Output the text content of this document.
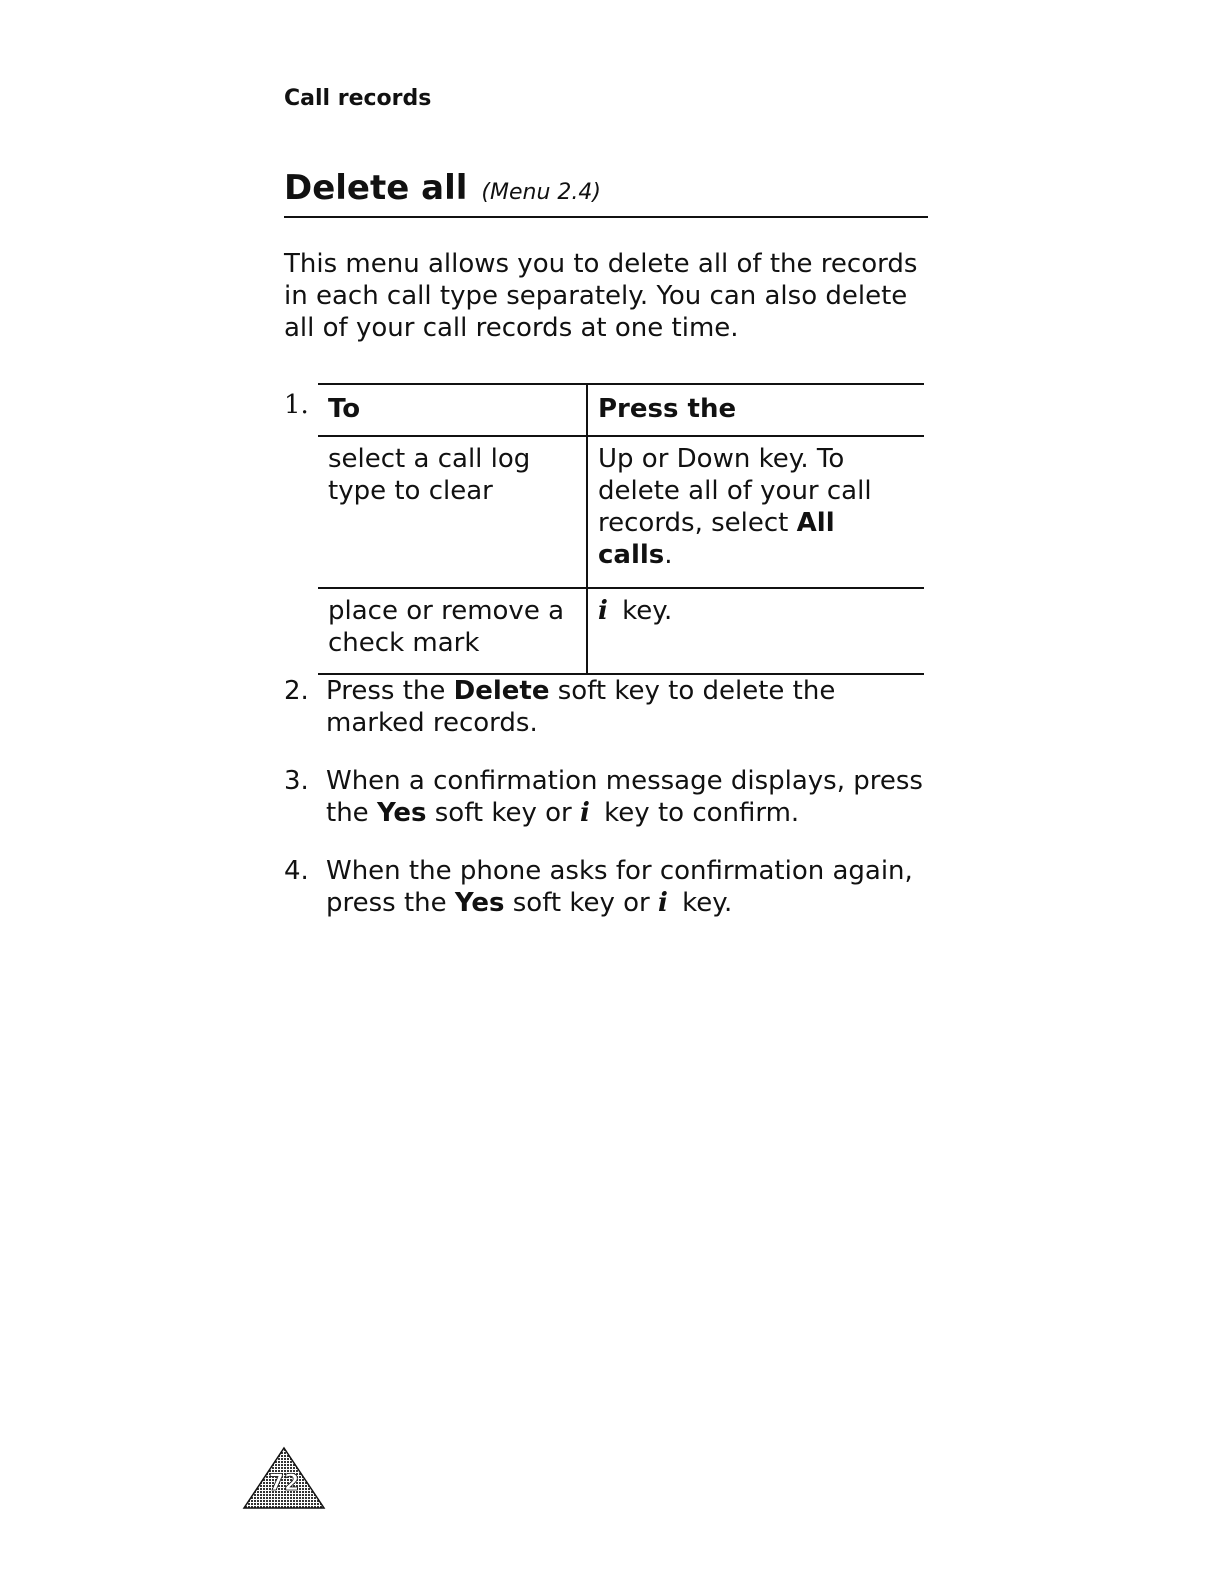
Call records
Delete all (Menu 2.4)
This menu allows you to delete all of the records in each call type separately. You can also delete all of your call records at one time.
1. To	Press the
select a call log type to clear	Up or Down key. To delete all of your call records, select All calls.
place or remove a check mark	i key.
2. Press the Delete soft key to delete the marked records.
3. When a confirmation message displays, press the Yes soft key or i key to confirm.
4. When the phone asks for confirmation again, press the Yes soft key or i key.
72
